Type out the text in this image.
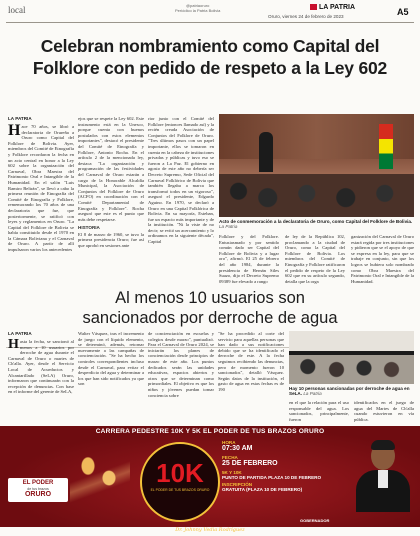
local	@patriaoruro
Periódico la Patria Bolivia	LA PATRIA
Oruro, viernes 24 de febrero de 2023	A5
Celebran nombramiento como Capital del
Folklore con pedido de respeto a la Ley 602
LA PATRIA
Hace 70 años, se libró a declaratoria de Orureña a Oruro como Capital del Folklore de Bolivia. Ayer, miembros del Comité de Etnografía y Folklore recordaron la fecha en un acto central en honor a la Ley 602 sobre la organización del Carnaval, Obra Maestra del Patrimonio Oral e Intangible de la Humanidad. En el salón "Luis Ramiro Beltrán", se llevó a cabo la primera reunión de Etnografía del Comité de Etnografía y Folklore, rememorando los 70 años de una declaratoria que fue, que posteriormente, se ratificó con leyes y reglamentos en Oruro. "La Capital del Folklore de Bolivia se había constituido desde el 1970 en la Cámara Boliviana y el Carnaval de Oruro. A partir de allí impulsaron varios los antecedentes

ejos que se respete la Ley 602. Este instrumento está en la Unesco, porque cuenta con buenos postulados con estos elementos importantes", destacó el presidente del Comité de Etnografía y Folklore, Antonio Rocha. En el artículo 2 de la mencionada ley, destaca "La organización y programación de las festividades del Carnaval de Oruro estarán a cargo de la Honorable Alcaldía Municipal, la Asociación de Conjuntos del Folklore de Oruro (ACFO) en coordinación con el Comité Departamental de Etnografía y Folklore". Rocha aseguró que este es el punto que más debe respetarse.

HISTORIA

El 8 de marzo de 1960, se tuvo la primera presidencia Oruro; fue así que aprobó en sesiones ante

rior junto con el Comité del Folklore (entonces llamado así) y la recién creada Asociación de Conjuntos del Folklore de Oruro. "Tres últimos pasos con un papel importante, ellos se tomaron en cuenta en la cabeza de instituciones privadas y públicas y tuvo eso se fueron a La Paz. El gobierno en agosto de este año no debería ser Decreto Supremo, Sede Oficial del Carnaval Folklórico de Bolivia que también llegaba a marca los transformó todos en un vigoroso", aseguró el presidente, Edgardo Aguino. En 1970, se declaró a Oruro en una Capital Folklórica de Bolivia. En su mayoría, Esteban, fue un espacio más importante y de la institución. "Ni la viste de no decir; se evitó un acercamiento y lo ordinamos en la siguiente década", Capital
Acto de conmemoración a la declaratoria de Oruro, como Capital del Folklore de Bolivia. La Patria
Folklore y del Folklore. Entusiasmado y por sentido común dado ser Capital del Folklore de Bolivia y a lugar oro", afirmó. El 25 de febrero del año 1984, durante la presidencia de Hernán Siles Suazo, dijo el Decreto Supremo 09389 fue elevado a rango
de ley de la República 102, proclamando a la ciudad de Oruro, como la Capital del Folklore de Bolivia. Los miembros del Comité de Etnografía y Folklore ratificaron el pedido de respeto de la Ley 602 que en su artículo segundo, detalla que la orga
ganización del Carnaval de Oruro estará regida por tres instituciones y pidieron que se el apoyo de que se expresa en la ley, para que se trabaje en conjunto, sin que los logros se hubiera solo nombrado como Obra Maestra del Patrimonio Oral e Intangible de la Humanidad.
Al menos 10 usuarios son
sancionados por derroche de agua
LA PATRIA
Hasta la fecha, se sancionó al menos a 10 usuarios por derroche de agua durante el Carnaval de Oruro o martes de Ch'alla. Ayer, desde el Servicio Local de Acueductos y Alcantarillado (SeLA) Oruro, informaron que continuarán con la recepción de denuncias. Con base en el informe del gerente de SeLA,
Walter Vásquez, tras el incremento de juego con el líquido elemento, se determinó, además, retornar nuevamente a las campañas de concienciación. "Se ha hecho los controles correspondientes incluso desde el Carnaval, para evitar el desperdicio del agua y determinar a los que han sido notificados ya que son
de concienciación en escuelas y colegios desde marzo", puntualizó. Para el Carnaval de Oruro 2024, se iniciarán los planes de concienciación desde principios de marzo de este año. Los puntos dedicados serán las unidades educativas, espacios abiertos y otros que se determinan como primordiales. El objetivo es que los niños y jóvenes puedan tomar conciencia sobre
"Se ha procedido al corte del servicio para aquellas personas que han dado a sus notificaciones debido que se ha identificado el derroche de este. A la fecha seguimos recibiendo las denuncias, pero de momento fueron 10 sancionados", detalló Vásquez. Según datos de la institución, el gasto de agua en estas fechas es de 190	Hay 10 personas sancionadas por derroche de agua en SeLA. La Patria
en el que la relación para el uso responsable del agua. Los sancionados, principalmente, fueron
identificados en el juego de agua del Martes de Ch'alla cuando estuvieron en vía pública.
CARRERA PEDESTRE 10K Y 5K EL PODER DE TUS BRAZOS ORURO
EL PODER
de tus brazos
ORURO
10K
EL PODER DE TUS BRAZOS ORURO
HORA
07:30 AM
FECHA
25 DE FEBRERO
5K Y 10K
PUNTO DE PARTIDA PLAZA 10 DE FEBRERO
INSCRIPCIÓN
GRATUITA (PLAZA 10 DE FEBRERO)
Dr. Johnny Vedia Rodríguez
GOBERNADOR
